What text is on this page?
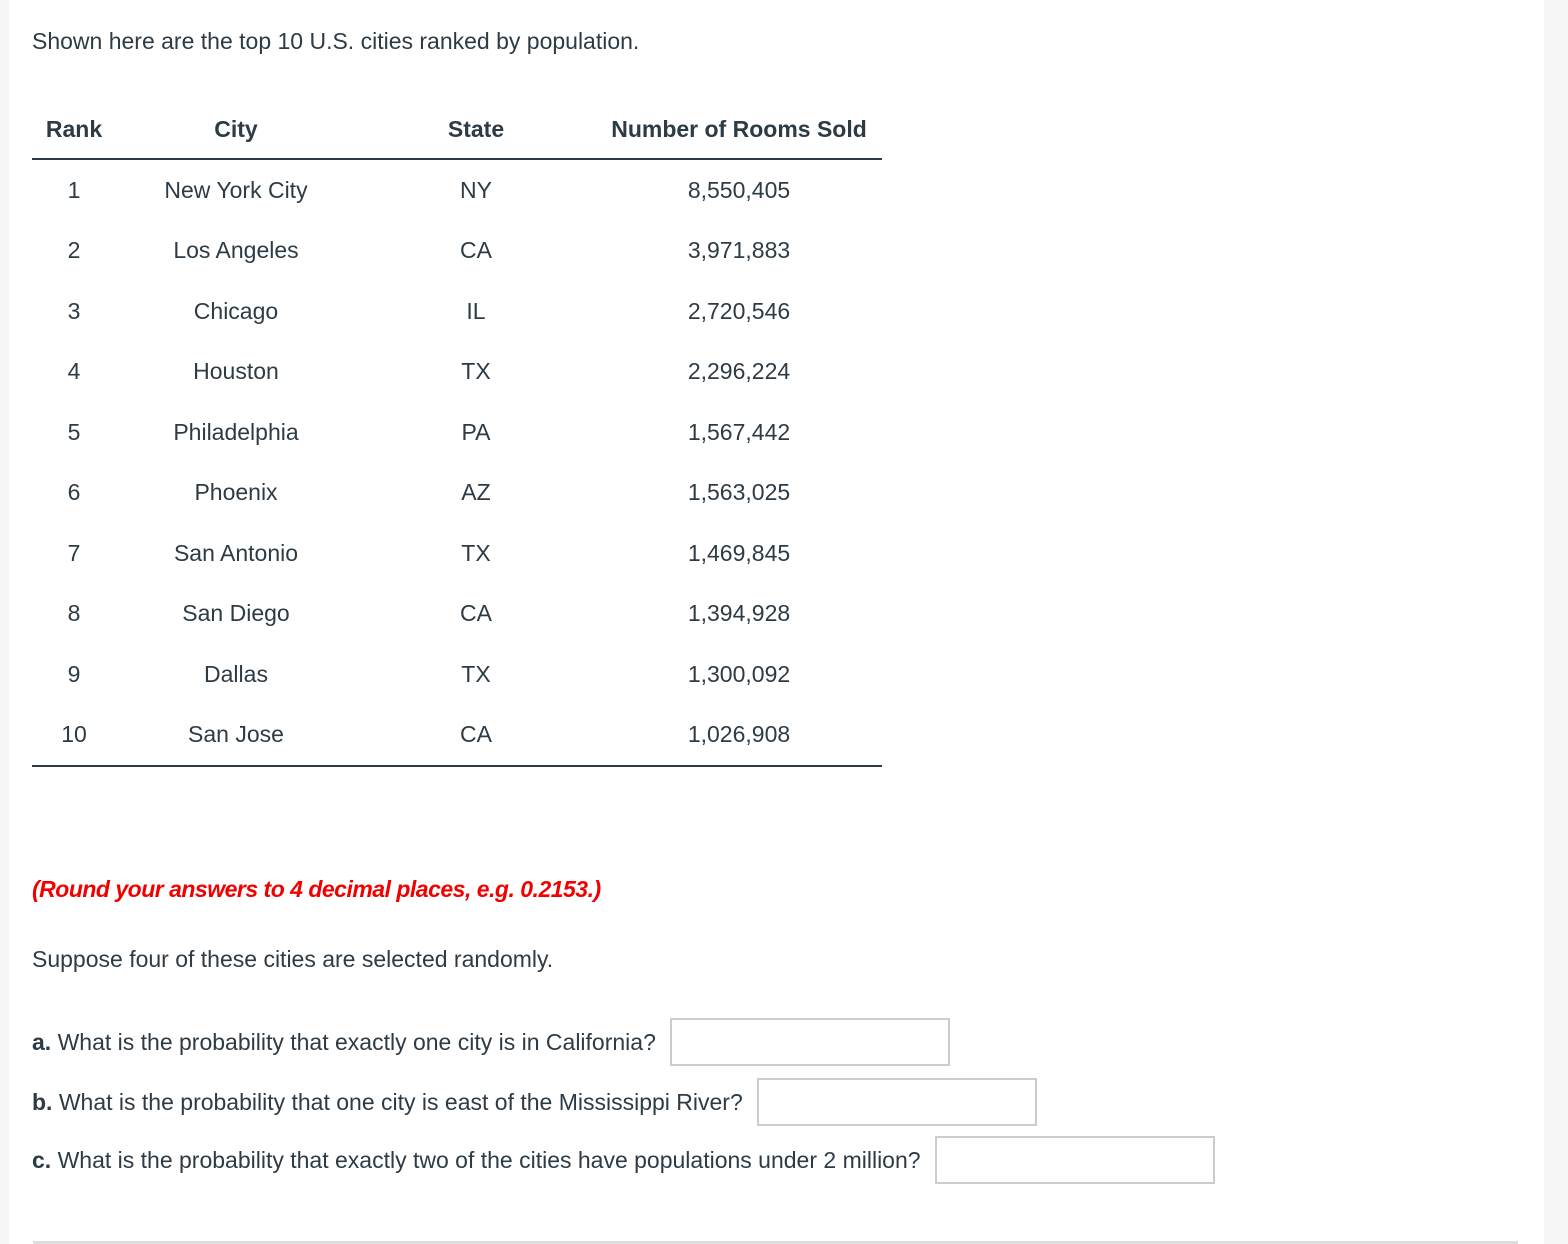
Shown here are the top 10 U.S. cities ranked by population.
Rank	City	State	Number of Rooms Sold
1	New York City	NY	8,550,405
2	Los Angeles	CA	3,971,883
3	Chicago	IL	2,720,546
4	Houston	TX	2,296,224
5	Philadelphia	PA	1,567,442
6	Phoenix	AZ	1,563,025
7	San Antonio	TX	1,469,845
8	San Diego	CA	1,394,928
9	Dallas	TX	1,300,092
10	San Jose	CA	1,026,908
(Round your answers to 4 decimal places, e.g. 0.2153.)
Suppose four of these cities are selected randomly.
a. What is the probability that exactly one city is in California?
b. What is the probability that one city is east of the Mississippi River?
c. What is the probability that exactly two of the cities have populations under 2 million?
